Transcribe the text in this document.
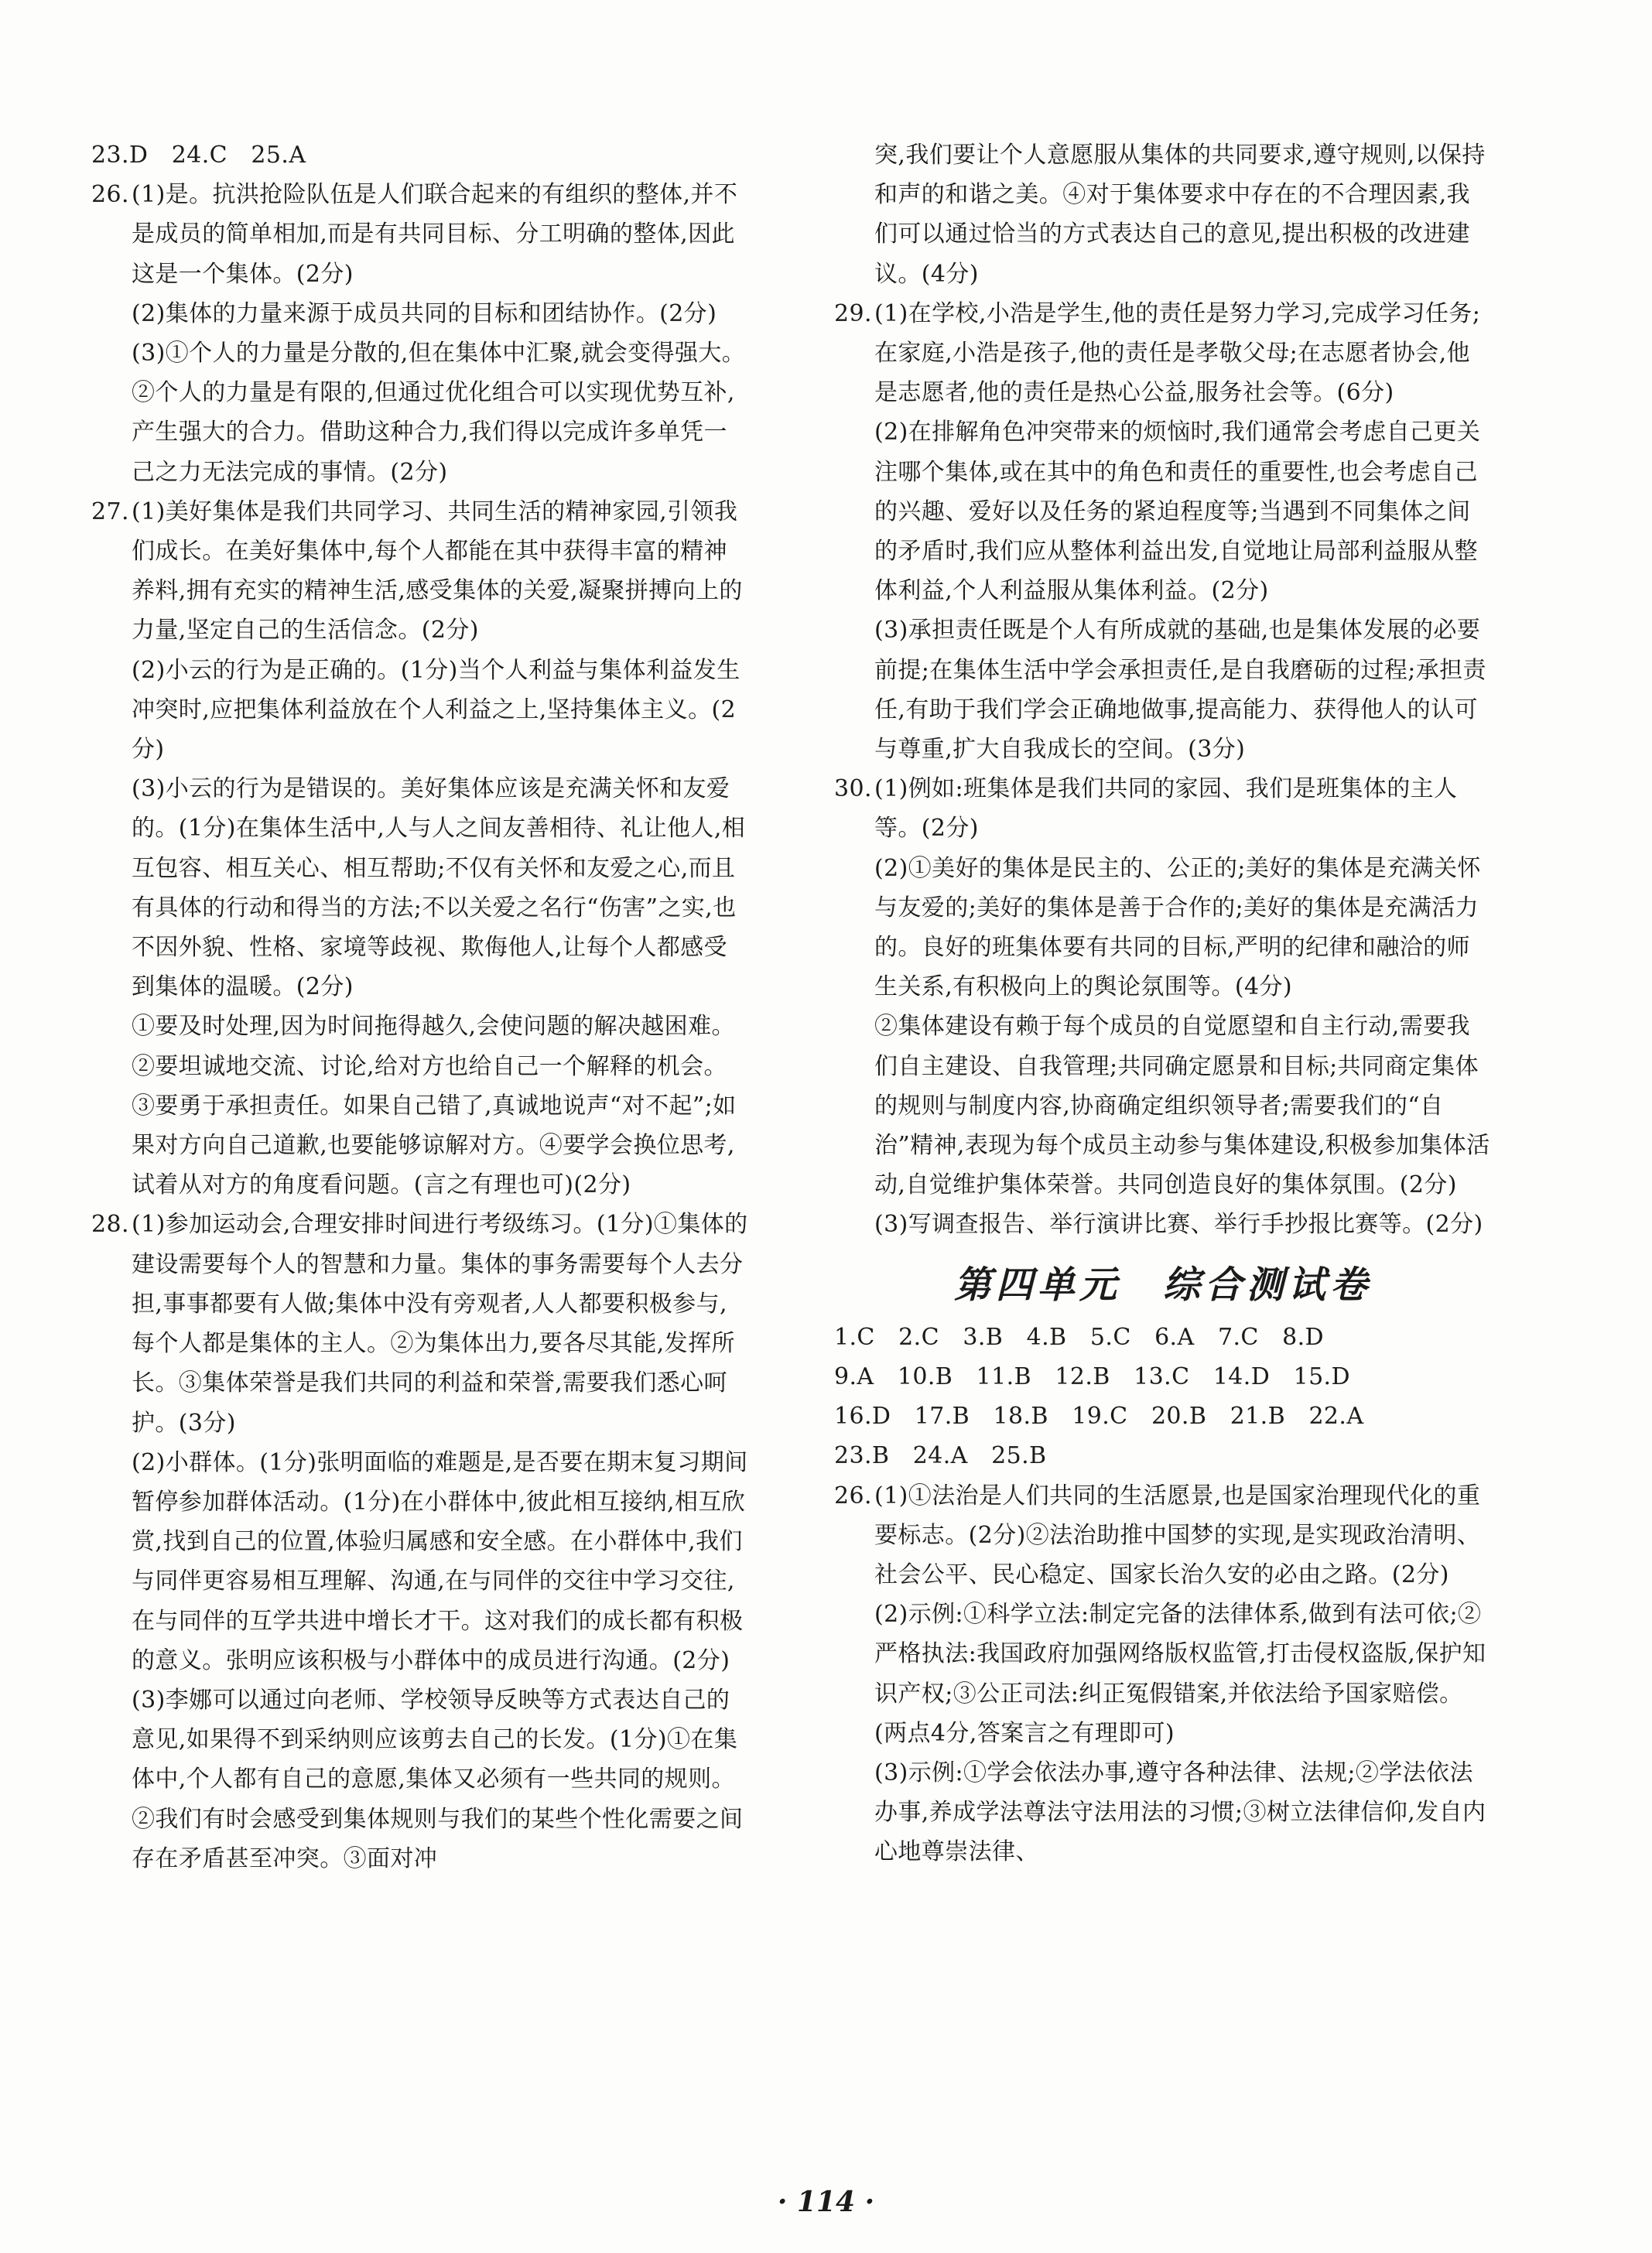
23.D　24.C　25.A
26. (1)是。抗洪抢险队伍是人们联合起来的有组织的整体,并不是成员的简单相加,而是有共同目标、分工明确的整体,因此这是一个集体。(2分)
(2)集体的力量来源于成员共同的目标和团结协作。(2分)
(3)①个人的力量是分散的,但在集体中汇聚,就会变得强大。②个人的力量是有限的,但通过优化组合可以实现优势互补,产生强大的合力。借助这种合力,我们得以完成许多单凭一己之力无法完成的事情。(2分)
27. (1)美好集体是我们共同学习、共同生活的精神家园,引领我们成长。在美好集体中,每个人都能在其中获得丰富的精神养料,拥有充实的精神生活,感受集体的关爱,凝聚拼搏向上的力量,坚定自己的生活信念。(2分)
(2)小云的行为是正确的。(1分)当个人利益与集体利益发生冲突时,应把集体利益放在个人利益之上,坚持集体主义。(2分)
(3)小云的行为是错误的。美好集体应该是充满关怀和友爱的。(1分)在集体生活中,人与人之间友善相待、礼让他人,相互包容、相互关心、相互帮助;不仅有关怀和友爱之心,而且有具体的行动和得当的方法;不以关爱之名行“伤害”之实,也不因外貌、性格、家境等歧视、欺侮他人,让每个人都感受到集体的温暖。(2分)
①要及时处理,因为时间拖得越久,会使问题的解决越困难。②要坦诚地交流、讨论,给对方也给自己一个解释的机会。③要勇于承担责任。如果自己错了,真诚地说声“对不起”;如果对方向自己道歉,也要能够谅解对方。④要学会换位思考,试着从对方的角度看问题。(言之有理也可)(2分)
28. (1)参加运动会,合理安排时间进行考级练习。(1分)①集体的建设需要每个人的智慧和力量。集体的事务需要每个人去分担,事事都要有人做;集体中没有旁观者,人人都要积极参与,每个人都是集体的主人。②为集体出力,要各尽其能,发挥所长。③集体荣誉是我们共同的利益和荣誉,需要我们悉心呵护。(3分)
(2)小群体。(1分)张明面临的难题是,是否要在期末复习期间暂停参加群体活动。(1分)在小群体中,彼此相互接纳,相互欣赏,找到自己的位置,体验归属感和安全感。在小群体中,我们与同伴更容易相互理解、沟通,在与同伴的交往中学习交往,在与同伴的互学共进中增长才干。这对我们的成长都有积极的意义。张明应该积极与小群体中的成员进行沟通。(2分)
(3)李娜可以通过向老师、学校领导反映等方式表达自己的意见,如果得不到采纳则应该剪去自己的长发。(1分)①在集体中,个人都有自己的意愿,集体又必须有一些共同的规则。②我们有时会感受到集体规则与我们的某些个性化需要之间存在矛盾甚至冲突。③面对冲
突,我们要让个人意愿服从集体的共同要求,遵守规则,以保持和声的和谐之美。④对于集体要求中存在的不合理因素,我们可以通过恰当的方式表达自己的意见,提出积极的改进建议。(4分)
29. (1)在学校,小浩是学生,他的责任是努力学习,完成学习任务;在家庭,小浩是孩子,他的责任是孝敬父母;在志愿者协会,他是志愿者,他的责任是热心公益,服务社会等。(6分)
(2)在排解角色冲突带来的烦恼时,我们通常会考虑自己更关注哪个集体,或在其中的角色和责任的重要性,也会考虑自己的兴趣、爱好以及任务的紧迫程度等;当遇到不同集体之间的矛盾时,我们应从整体利益出发,自觉地让局部利益服从整体利益,个人利益服从集体利益。(2分)
(3)承担责任既是个人有所成就的基础,也是集体发展的必要前提;在集体生活中学会承担责任,是自我磨砺的过程;承担责任,有助于我们学会正确地做事,提高能力、获得他人的认可与尊重,扩大自我成长的空间。(3分)
30. (1)例如:班集体是我们共同的家园、我们是班集体的主人等。(2分)
(2)①美好的集体是民主的、公正的;美好的集体是充满关怀与友爱的;美好的集体是善于合作的;美好的集体是充满活力的。良好的班集体要有共同的目标,严明的纪律和融洽的师生关系,有积极向上的舆论氛围等。(4分)
②集体建设有赖于每个成员的自觉愿望和自主行动,需要我们自主建设、自我管理;共同确定愿景和目标;共同商定集体的规则与制度内容,协商确定组织领导者;需要我们的“自治”精神,表现为每个成员主动参与集体建设,积极参加集体活动,自觉维护集体荣誉。共同创造良好的集体氛围。(2分)
(3)写调查报告、举行演讲比赛、举行手抄报比赛等。(2分)
第四单元　综合测试卷
1.C　2.C　3.B　4.B　5.C　6.A　7.C　8.D
9.A　10.B　11.B　12.B　13.C　14.D　15.D
16.D　17.B　18.B　19.C　20.B　21.B　22.A
23.B　24.A　25.B
26. (1)①法治是人们共同的生活愿景,也是国家治理现代化的重要标志。(2分)②法治助推中国梦的实现,是实现政治清明、社会公平、民心稳定、国家长治久安的必由之路。(2分)
(2)示例:①科学立法:制定完备的法律体系,做到有法可依;②严格执法:我国政府加强网络版权监管,打击侵权盗版,保护知识产权;③公正司法:纠正冤假错案,并依法给予国家赔偿。(两点4分,答案言之有理即可)
(3)示例:①学会依法办事,遵守各种法律、法规;②学法依法办事,养成学法尊法守法用法的习惯;③树立法律信仰,发自内心地尊崇法律、
· 114 ·
